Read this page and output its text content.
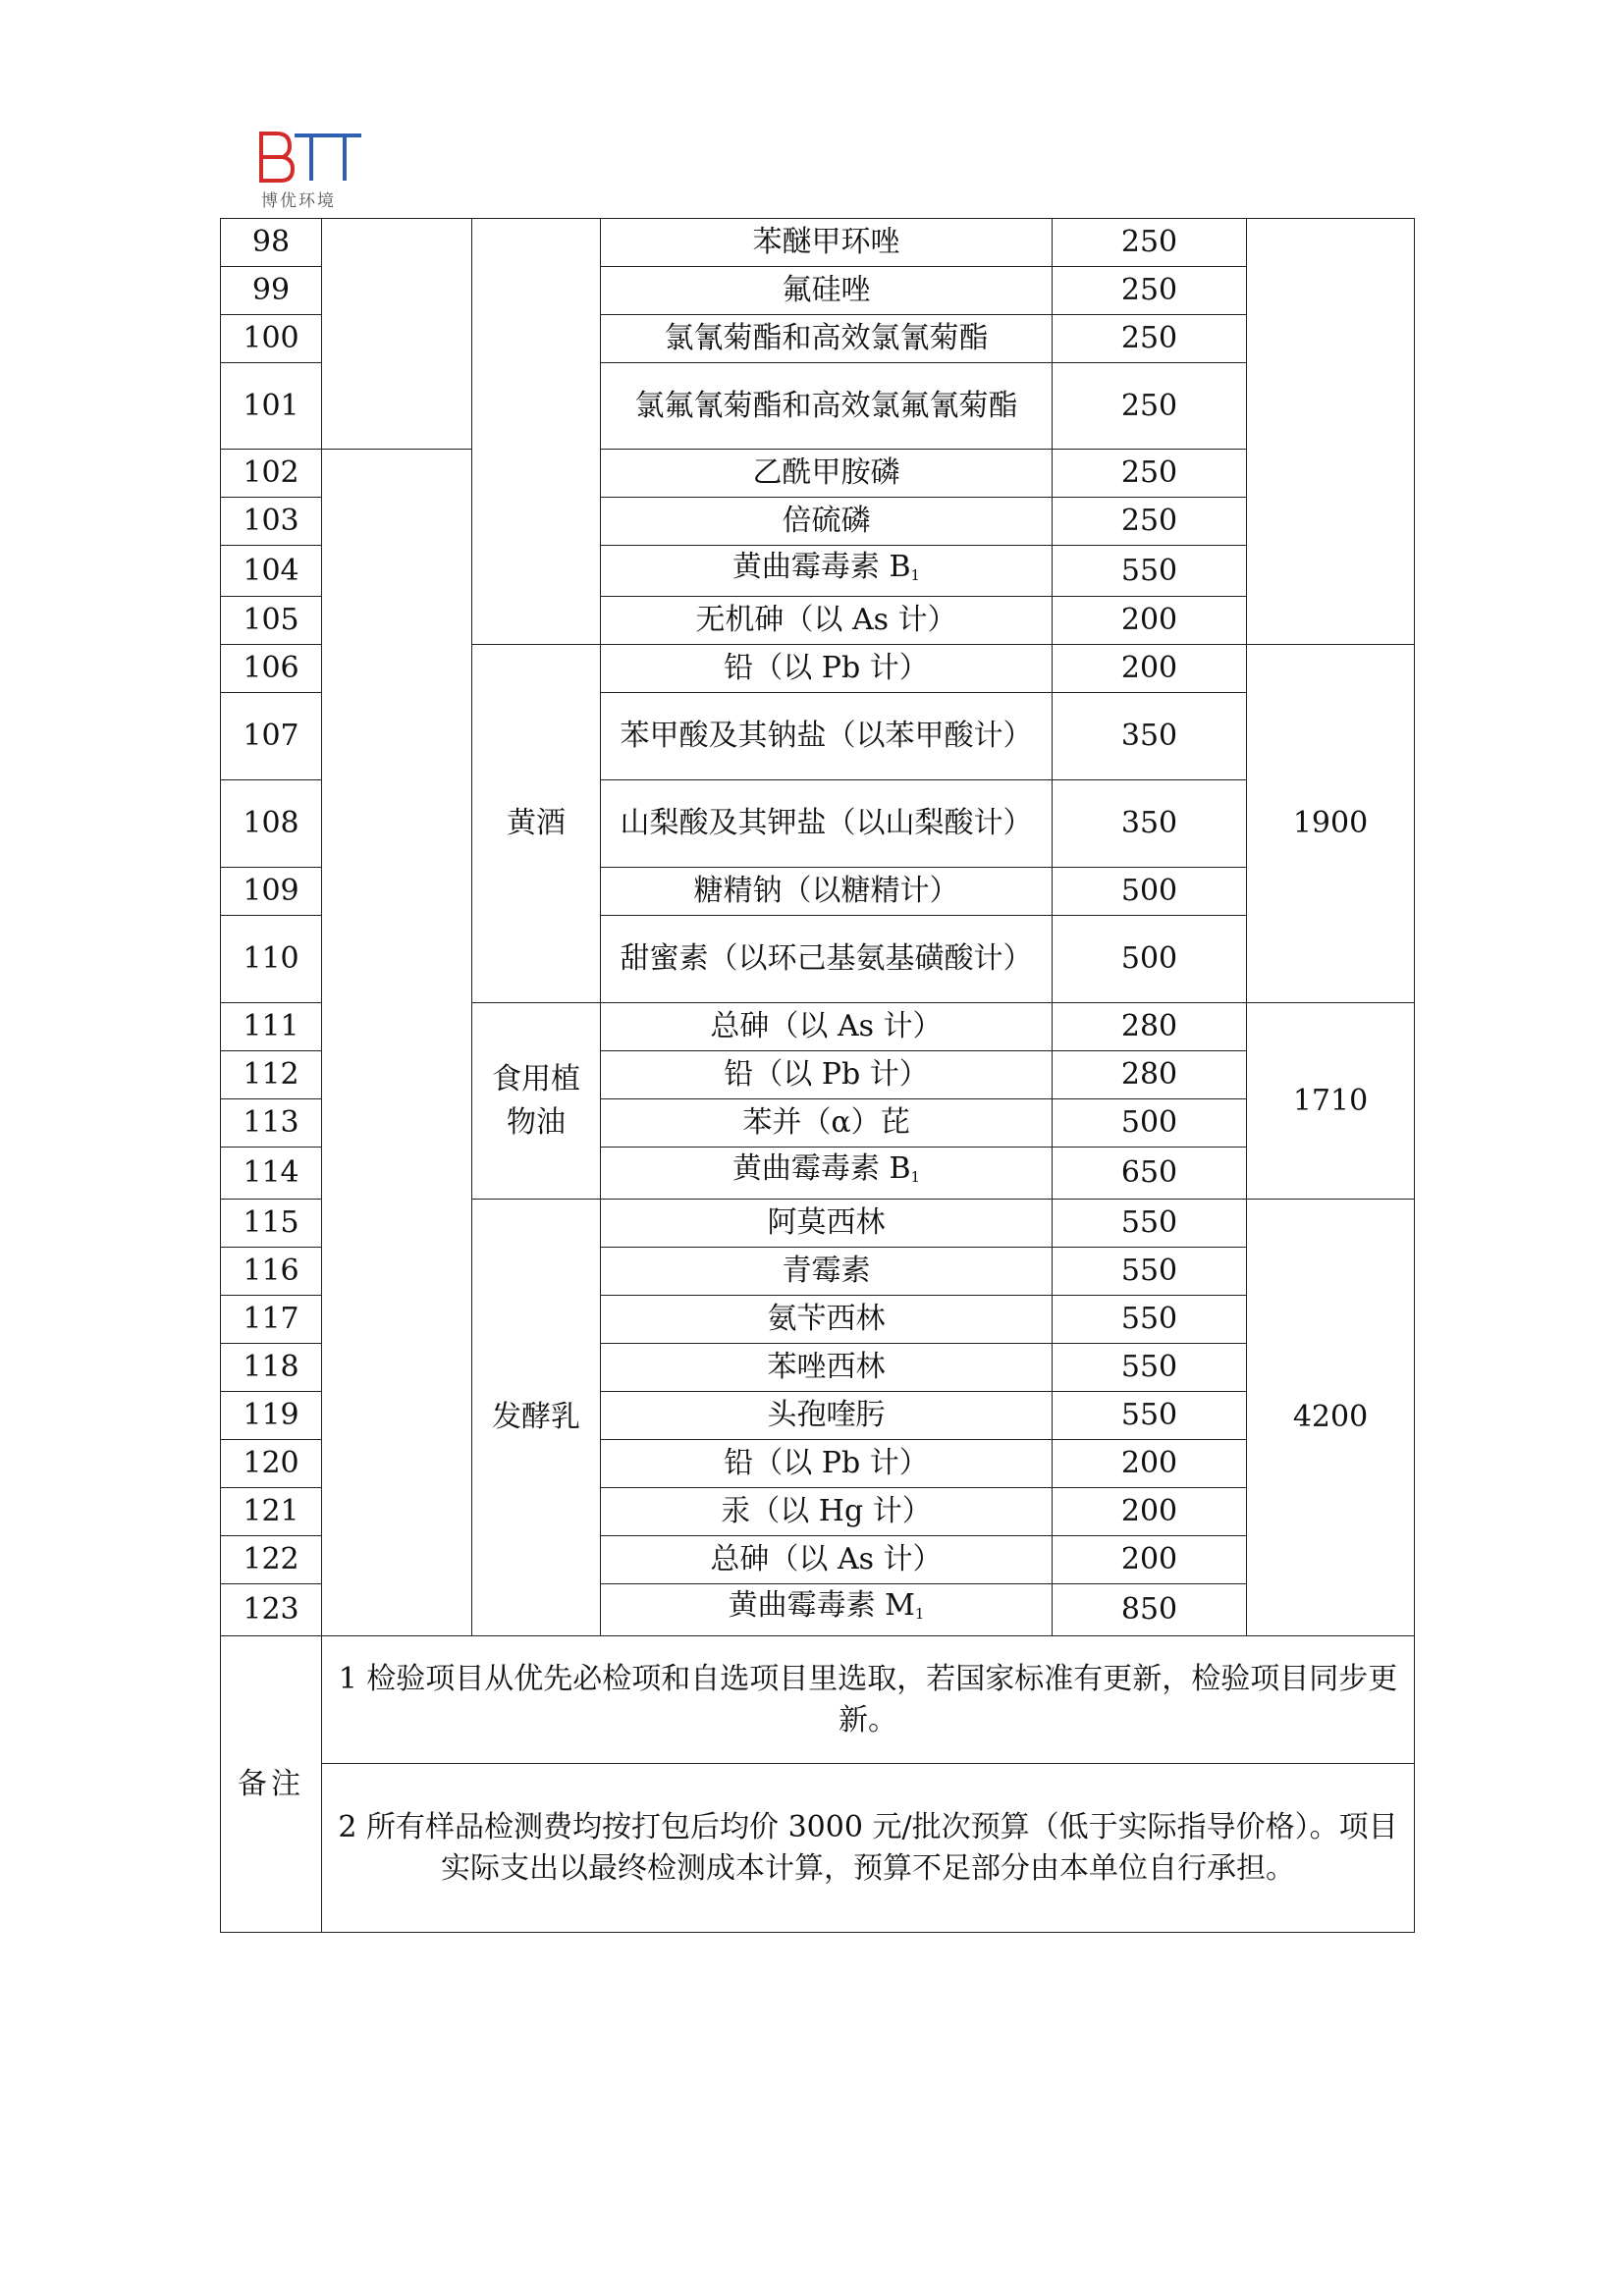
博优环境
98			苯醚甲环唑	250	
99			氟硅唑	250	
100			氯氰菊酯和高效氯氰菊酯	250	
101			氯氟氰菊酯和高效氯氟氰菊酯	250	
102			乙酰甲胺磷	250	
103			倍硫磷	250	
104			黄曲霉毒素 $B_1$	550	
105			无机砷（以 As 计）	200	
106		黄酒	铅（以 Pb 计）	200	1900
107			苯甲酸及其钠盐（以苯甲酸计）	350	
108			山梨酸及其钾盐（以山梨酸计）	350	
109			糖精钠（以糖精计）	500	
110			甜蜜素（以环己基氨基磺酸计）	500	
111		食用植物油	总砷（以 As 计）	280	1710
112			铅（以 Pb 计）	280	
113			苯并（α）芘	500	
114			黄曲霉毒素 $B_1$	650	
115		发酵乳	阿莫西林	550	4200
116			青霉素	550	
117			氨苄西林	550	
118			苯唑西林	550	
119			头孢喹肟	550	
120			铅（以 Pb 计）	200	
121			汞（以 Hg 计）	200	
122			总砷（以 As 计）	200	
123			黄曲霉毒素 $M_1$	850	
备注	1 检验项目从优先必检项和自选项目里选取，若国家标准有更新，检验项目同步更新。				
	2 所有样品检测费均按打包后均价 3000 元/批次预算（低于实际指导价格）。项目实际支出以最终检测成本计算，预算不足部分由本单位自行承担。				
